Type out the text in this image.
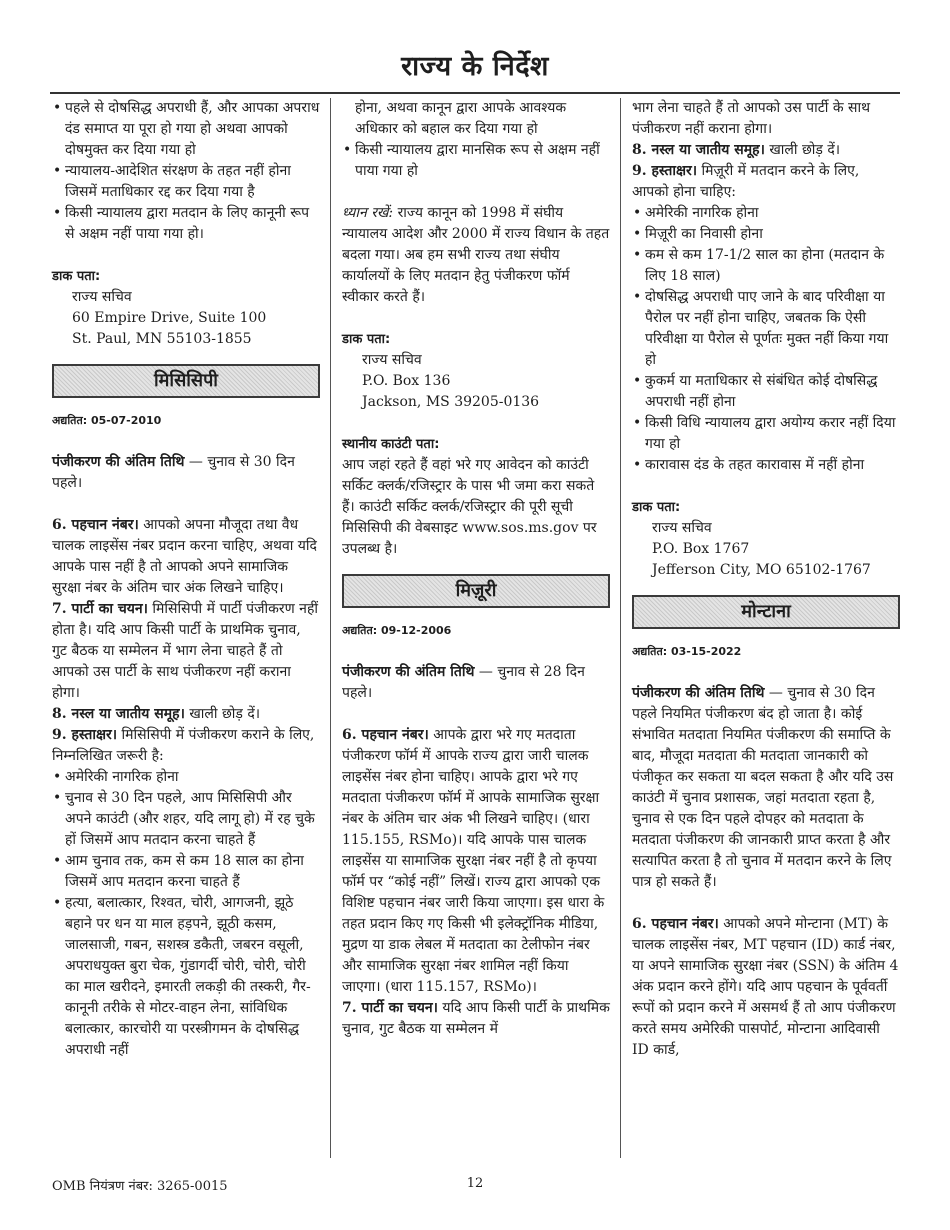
राज्य के निर्देश
• पहले से दोषसिद्ध अपराधी हैं, और आपका अपराध दंड समाप्त या पूरा हो गया हो अथवा आपको दोषमुक्त कर दिया गया हो
• न्यायालय-आदेशित संरक्षण के तहत नहीं होना जिसमें मताधिकार रद्द कर दिया गया है
• किसी न्यायालय द्वारा मतदान के लिए कानूनी रूप से अक्षम नहीं पाया गया हो।
डाक पता:
राज्य सचिव
60 Empire Drive, Suite 100
St. Paul, MN 55103-1855
मिसिसिपी
अद्यतित: 05-07-2010

पंजीकरण की अंतिम तिथि — चुनाव से 30 दिन पहले।

6. पहचान नंबर। आपको अपना मौजूदा तथा वैध चालक लाइसेंस नंबर प्रदान करना चाहिए, अथवा यदि आपके पास नहीं है तो आपको अपने सामाजिक सुरक्षा नंबर के अंतिम चार अंक लिखने चाहिए।

7. पार्टी का चयन। मिसिसिपी में पार्टी पंजीकरण नहीं होता है। यदि आप किसी पार्टी के प्राथमिक चुनाव, गुट बैठक या सम्मेलन में भाग लेना चाहते हैं तो आपको उस पार्टी के साथ पंजीकरण नहीं कराना होगा।

8. नस्ल या जातीय समूह। खाली छोड़ दें।

9. हस्ताक्षर। मिसिसिपी में पंजीकरण कराने के लिए, निम्नलिखित जरूरी है:

• अमेरिकी नागरिक होना
• चुनाव से 30 दिन पहले, आप मिसिसिपी और अपने काउंटी (और शहर, यदि लागू हो) में रह चुके हों जिसमें आप मतदान करना चाहते हैं
• आम चुनाव तक, कम से कम 18 साल का होना जिसमें आप मतदान करना चाहते हैं
• हत्या, बलात्कार, रिश्वत, चोरी, आगजनी, झूठे बहाने पर धन या माल हड़पने, झूठी कसम, जालसाजी, गबन, सशस्त्र डकैती, जबरन वसूली, अपराधयुक्त बुरा चेक, गुंडागर्दी चोरी, चोरी, चोरी का माल खरीदने, इमारती लकड़ी की तस्करी, गैर-कानूनी तरीके से मोटर-वाहन लेना, सांविधिक बलात्कार, कारचोरी या परस्त्रीगमन के दोषसिद्ध अपराधी नहीं

होना, अथवा कानून द्वारा आपके आवश्यक अधिकार को बहाल कर दिया गया हो

• किसी न्यायालय द्वारा मानसिक रूप से अक्षम नहीं पाया गया हो

ध्यान रखें: राज्य कानून को 1998 में संघीय न्यायालय आदेश और 2000 में राज्य विधान के तहत बदला गया। अब हम सभी राज्य तथा संघीय कार्यालयों के लिए मतदान हेतु पंजीकरण फॉर्म स्वीकार करते हैं।

डाक पता:
राज्य सचिव
P.O. Box 136
Jackson, MS 39205-0136
स्थानीय काउंटी पता:

आप जहां रहते हैं वहां भरे गए आवेदन को काउंटी सर्किट क्लर्क/रजिस्ट्रार के पास भी जमा करा सकते हैं। काउंटी सर्किट क्लर्क/रजिस्ट्रार की पूरी सूची मिसिसिपी की वेबसाइट www.sos.ms.gov पर उपलब्ध है।

मिज़ूरी
अद्यतित: 09-12-2006

पंजीकरण की अंतिम तिथि — चुनाव से 28 दिन पहले।

6. पहचान नंबर। आपके द्वारा भरे गए मतदाता पंजीकरण फॉर्म में आपके राज्य द्वारा जारी चालक लाइसेंस नंबर होना चाहिए। आपके द्वारा भरे गए मतदाता पंजीकरण फॉर्म में आपके सामाजिक सुरक्षा नंबर के अंतिम चार अंक भी लिखने चाहिए। (धारा 115.155, RSMo)। यदि आपके पास चालक लाइसेंस या सामाजिक सुरक्षा नंबर नहीं है तो कृपया फॉर्म पर “कोई नहीं” लिखें। राज्य द्वारा आपको एक विशिष्ट पहचान नंबर जारी किया जाएगा। इस धारा के तहत प्रदान किए गए किसी भी इलेक्ट्रॉनिक मीडिया, मुद्रण या डाक लेबल में मतदाता का टेलीफोन नंबर और सामाजिक सुरक्षा नंबर शामिल नहीं किया जाएगा। (धारा 115.157, RSMo)।

7. पार्टी का चयन। यदि आप किसी पार्टी के प्राथमिक चुनाव, गुट बैठक या सम्मेलन में

भाग लेना चाहते हैं तो आपको उस पार्टी के साथ पंजीकरण नहीं कराना होगा।

8. नस्ल या जातीय समूह। खाली छोड़ दें।

9. हस्ताक्षर। मिज़ूरी में मतदान करने के लिए, आपको होना चाहिए:

• अमेरिकी नागरिक होना
• मिज़ूरी का निवासी होना
• कम से कम 17-1/2 साल का होना (मतदान के लिए 18 साल)
• दोषसिद्ध अपराधी पाए जाने के बाद परिवीक्षा या पैरोल पर नहीं होना चाहिए, जबतक कि ऐसी परिवीक्षा या पैरोल से पूर्णतः मुक्त नहीं किया गया हो
• कुकर्म या मताधिकार से संबंधित कोई दोषसिद्ध अपराधी नहीं होना
• किसी विधि न्यायालय द्वारा अयोग्य करार नहीं दिया गया हो
• कारावास दंड के तहत कारावास में नहीं होना
डाक पता:
राज्य सचिव
P.O. Box 1767
Jefferson City, MO 65102-1767
मोन्टाना
अद्यतित: 03-15-2022

पंजीकरण की अंतिम तिथि — चुनाव से 30 दिन पहले नियमित पंजीकरण बंद हो जाता है। कोई संभावित मतदाता नियमित पंजीकरण की समाप्ति के बाद, मौजूदा मतदाता की मतदाता जानकारी को पंजीकृत कर सकता या बदल सकता है और यदि उस काउंटी में चुनाव प्रशासक, जहां मतदाता रहता है, चुनाव से एक दिन पहले दोपहर को मतदाता के मतदाता पंजीकरण की जानकारी प्राप्त करता है और सत्यापित करता है तो चुनाव में मतदान करने के लिए पात्र हो सकते हैं।

6. पहचान नंबर। आपको अपने मोन्टाना (MT) के चालक लाइसेंस नंबर, MT पहचान (ID) कार्ड नंबर, या अपने सामाजिक सुरक्षा नंबर (SSN) के अंतिम 4 अंक प्रदान करने होंगे। यदि आप पहचान के पूर्ववर्ती रूपों को प्रदान करने में असमर्थ हैं तो आप पंजीकरण करते समय अमेरिकी पासपोर्ट, मोन्टाना आदिवासी ID कार्ड,

OMB नियंत्रण नंबर: 3265-0015	12
